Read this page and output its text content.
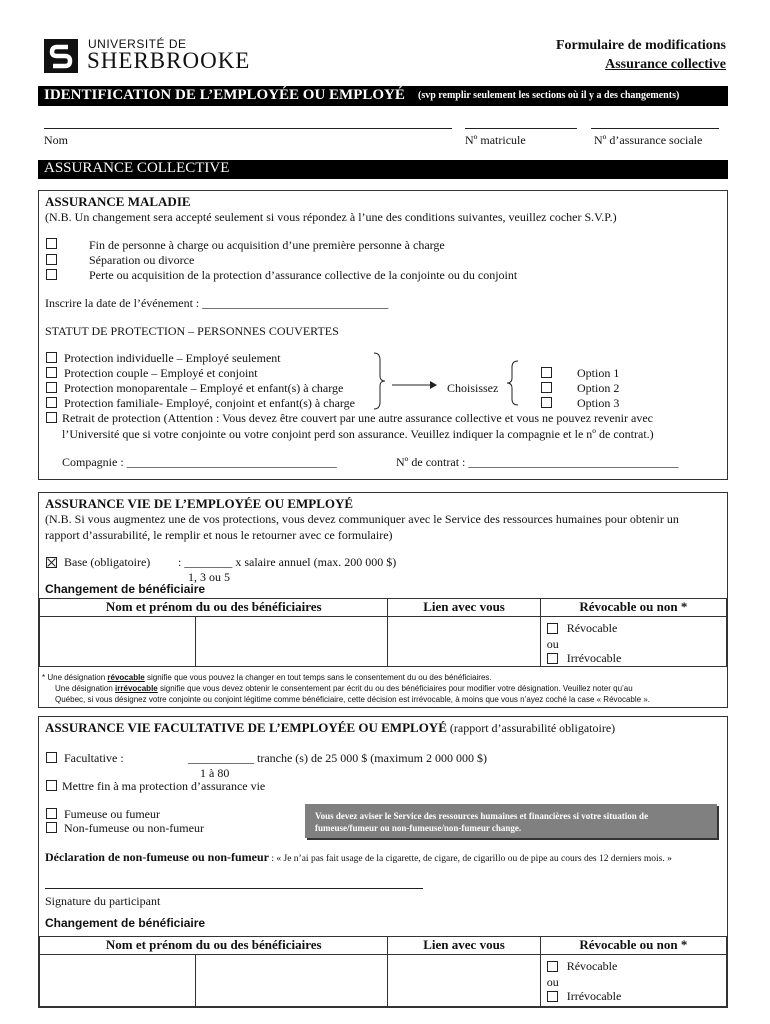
UNIVERSITÉ DE
SHERBROOKE
Formulaire de modifications
Assurance collective
IDENTIFICATION DE L’EMPLOYÉE OU EMPLOYÉ (svp remplir seulement les sections où il y a des changements)
Nom	Nº matricule	Nº d’assurance sociale
ASSURANCE COLLECTIVE
ASSURANCE MALADIE
(N.B. Un changement sera accepté seulement si vous répondez à l’une des conditions suivantes, veuillez cocher S.V.P.)
Fin de personne à charge ou acquisition d’une première personne à charge
Séparation ou divorce
Perte ou acquisition de la protection d’assurance collective de la conjointe ou du conjoint
Inscrire la date de l’événement : _______________________________
STATUT DE PROTECTION – PERSONNES COUVERTES
Protection individuelle – Employé seulement
Protection couple – Employé et conjoint
Protection monoparentale – Employé et enfant(s) à charge
Protection familiale- Employé, conjoint et enfant(s) à charge
Choisissez
Option 1
Option 2
Option 3
Retrait de protection (Attention : Vous devez être couvert par une autre assurance collective et vous ne pouvez revenir avec
l’Université que si votre conjointe ou votre conjoint perd son assurance. Veuillez indiquer la compagnie et le nº de contrat.)
Compagnie : ___________________________________	Nº de contrat : ___________________________________
ASSURANCE VIE DE L’EMPLOYÉE OU EMPLOYÉ
(N.B. Si vous augmentez une de vos protections, vous devez communiquer avec le Service des ressources humaines pour obtenir un
rapport d’assurabilité, le remplir et nous le retourner avec ce formulaire)
Base (obligatoire) : ________ x salaire annuel (max. 200 000 $)
1, 3 ou 5
Changement de bénéficiaire
Nom et prénom du ou des bénéficiaires		Lien avec vous	Révocable ou non *

			Révocable
ou
Irrévocable
* Une désignation révocable signifie que vous pouvez la changer en tout temps sans le consentement du ou des bénéficiaires.
Une désignation irrévocable signifie que vous devez obtenir le consentement par écrit du ou des bénéficiaires pour modifier votre désignation. Veuillez noter qu’au
Québec, si vous désignez votre conjointe ou conjoint légitime comme bénéficiaire, cette décision est irrévocable, à moins que vous n’ayez coché la case « Révocable ».
ASSURANCE VIE FACULTATIVE DE L’EMPLOYÉE OU EMPLOYÉ (rapport d’assurabilité obligatoire)
Facultative :	___________ tranche (s) de 25 000 $ (maximum 2 000 000 $)
1 à 80
Mettre fin à ma protection d’assurance vie
Fumeuse ou fumeur
Non-fumeuse ou non-fumeur
Vous devez aviser le Service des ressources humaines et financières si votre situation de fumeuse/fumeur ou non-fumeuse/non-fumeur change.
Déclaration de non-fumeuse ou non-fumeur : « Je n’ai pas fait usage de la cigarette, de cigare, de cigarillo ou de pipe au cours des 12 derniers mois. »
Signature du participant
Changement de bénéficiaire
Nom et prénom du ou des bénéficiaires		Lien avec vous	Révocable ou non *

			Révocable
ou
Irrévocable
